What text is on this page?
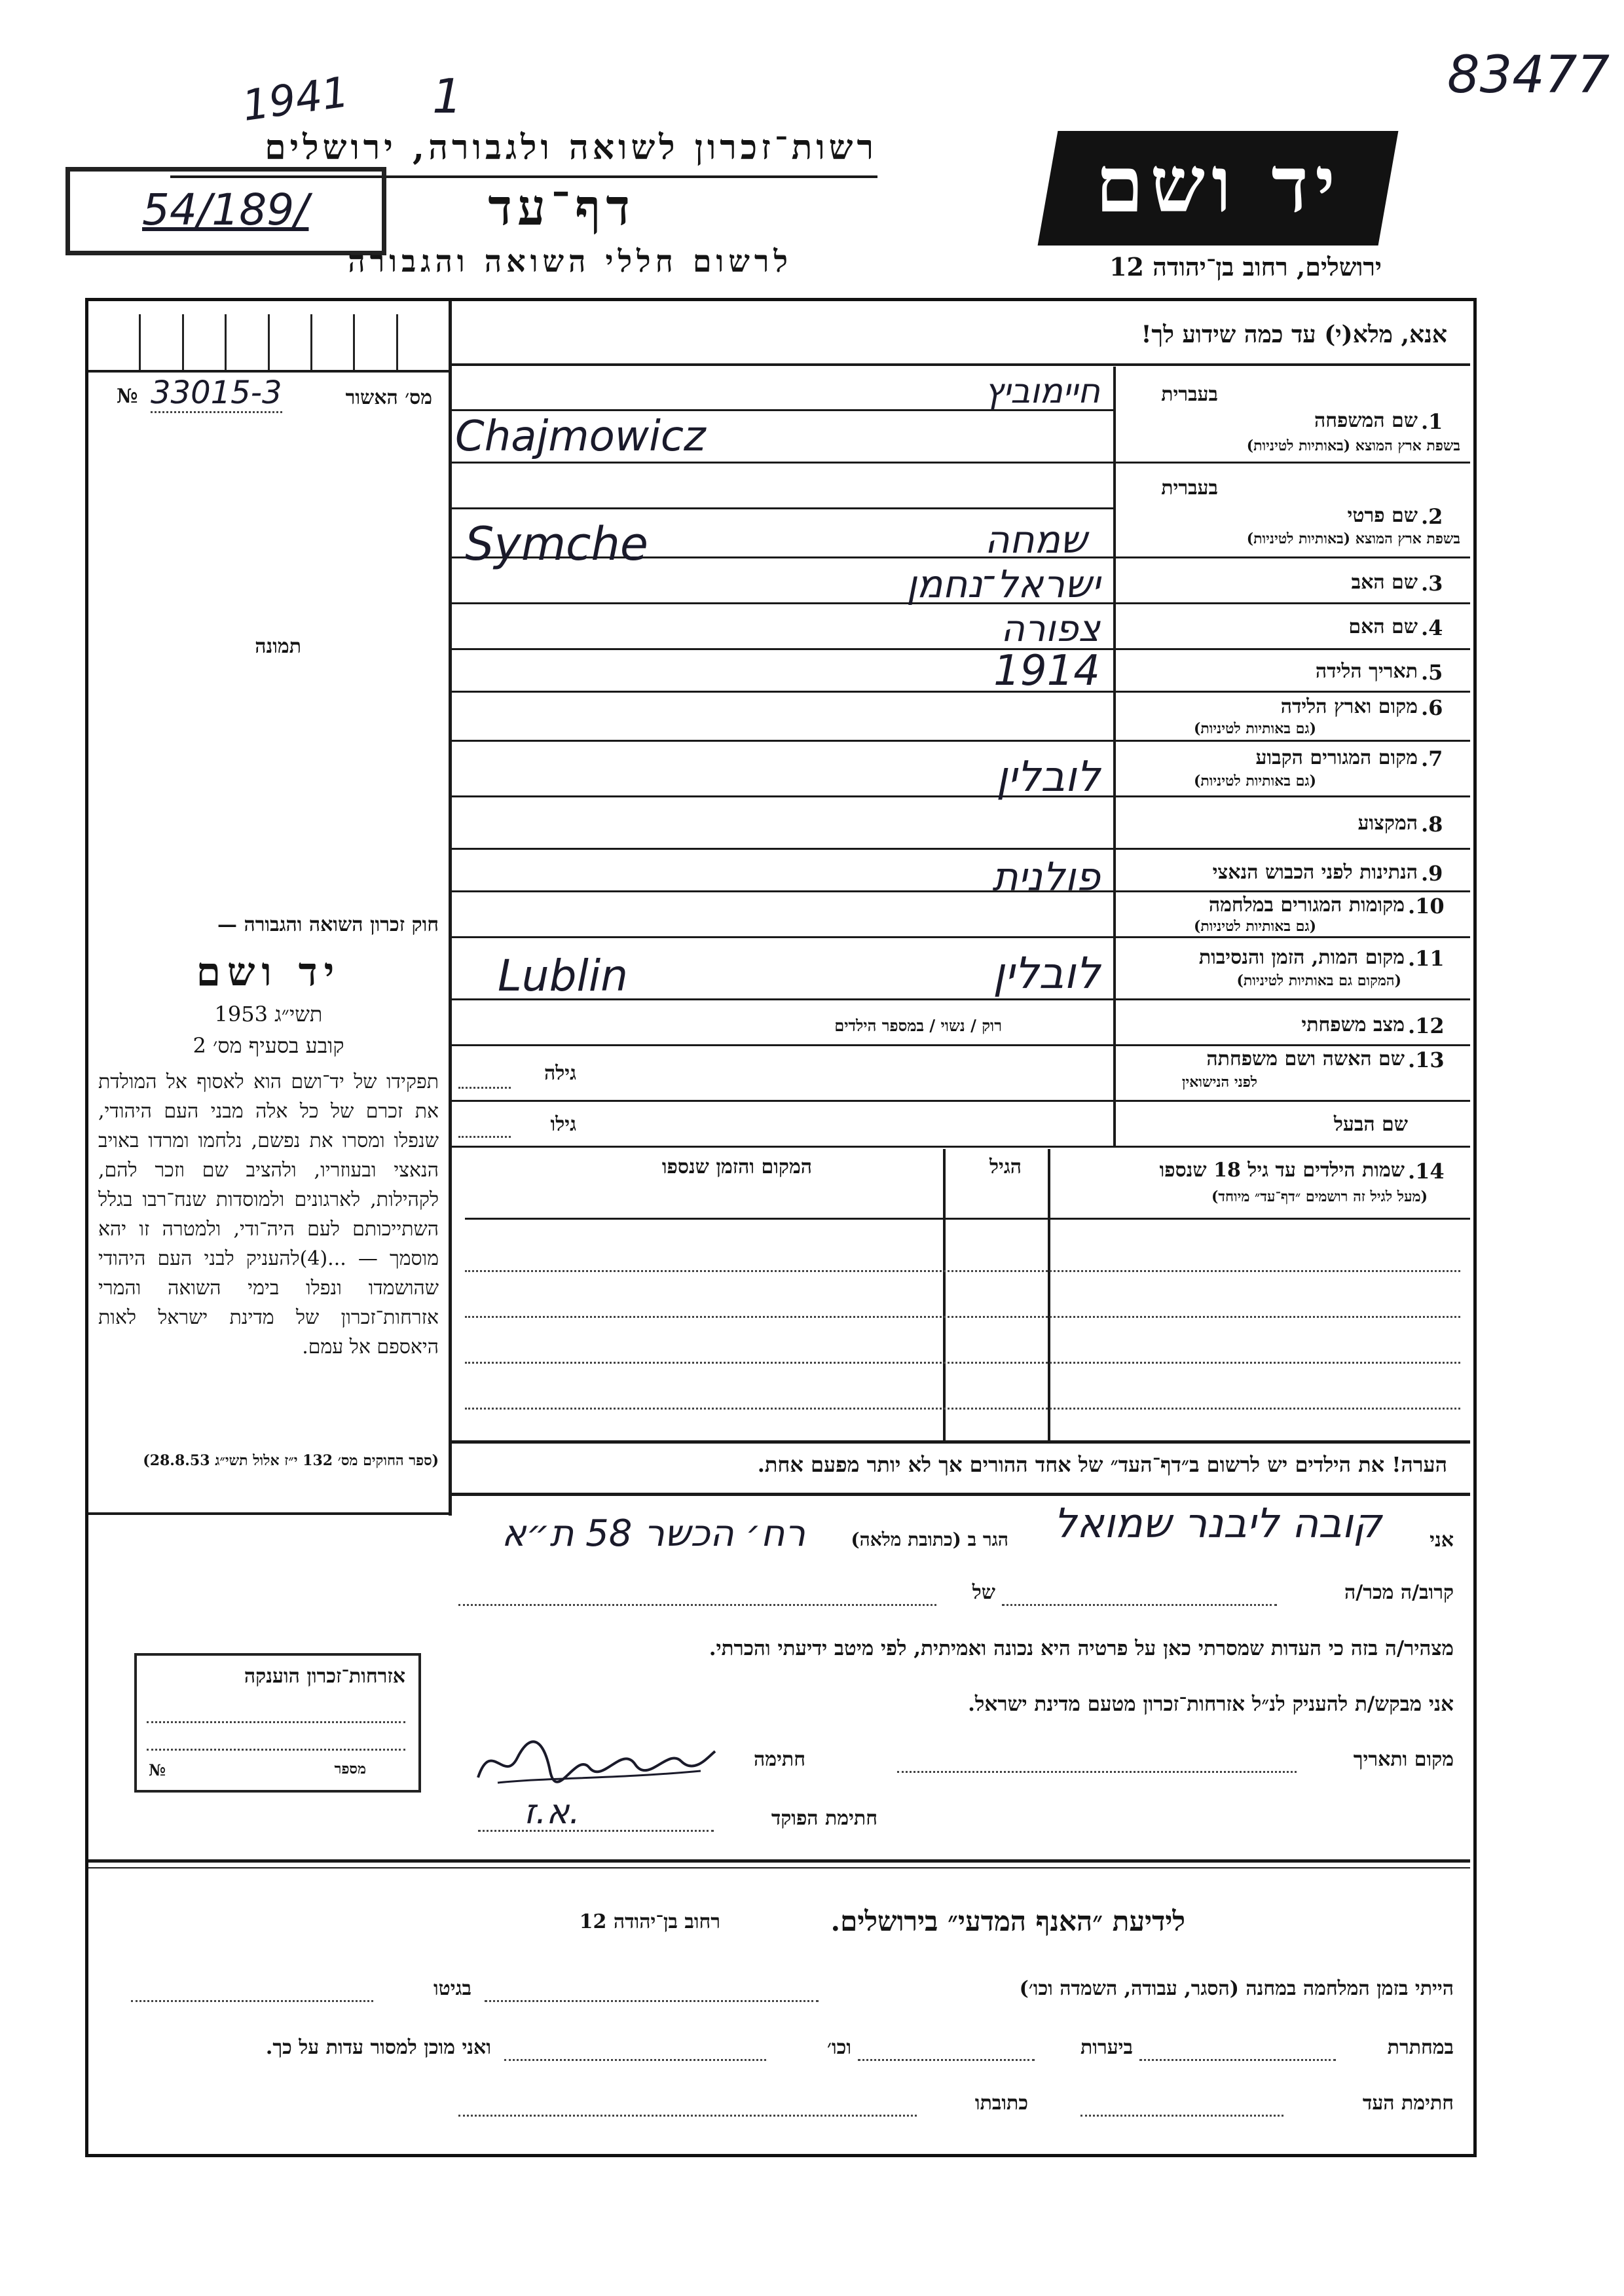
83477
1941 1
רשות־זכרון לשואה ולגבורה, ירושלים
54/189/	דף־עד
לרשום חללי השואה והגבורה
יד ושם
ירושלים, רחוב בן־יהודה 12
אנא, מלא(י) עד כמה שידוע לך!
מס׳ האשור
№ 33015-3
תמונה
חוק זכרון השואה והגבורה —
יד ושם
תשי״ג 1953
קובע בסעיף מס׳ 2
תפקידו של יד־ושם הוא לאסוף אל המולדת את זכרם של כל אלה מבני העם היהודי, שנפלו ומסרו את נפשם, נלחמו ומרדו באויב הנאצי ובעוזריו, ולהציב שם וזכר להם, לקהילות, לארגונים ולמוסדות שנח־רבו בגלל השתייכותם לעם היה־ודי, ולמטרה זו יהא מוסמך — ...(4)להעניק לבני העם היהודי שהושמדו ונפלו בימי השואה והמרי אזרחות־זכרון של מדינת ישראל לאות היאספם אל עמם.
(ספר החוקים מס׳ 132 י״ז אלול תשי״ג 28.8.53)
אזרחות־זכרון הוענקה
מספר
№
בעברית
.1
שם המשפחה
בשפת ארץ המוצא (באותיות לטיניות)
חיימוביץ
Chajmowicz
בעברית
.2
שם פרטי
בשפת ארץ המוצא (באותיות לטיניות)
שמחה
Symche
.3
שם האב
ישראל־נחמן
.4
שם האם
צפורה
.5
תאריך הלידה
1914
.6
מקום וארץ הלידה
(גם באותיות לטיניות)
.7
מקום המגורים הקבוע
(גם באותיות לטיניות)
לובלין
.8
המקצוע
.9
הנתינות לפני הכבוש הנאצי
פולנית
.10
מקומות המגורים במלחמה
(גם באותיות לטיניות)
.11
מקום המות, הזמן והנסיבות
(המקום גם באותיות לטיניות)
לובלין
Lublin
.12
מצב משפחתי
רוק / נשוי / במספר הילדים
.13
שם האשה ושם משפחתה
לפני הנישואין
גילה
שם הבעל
גילו
.14
שמות הילדים עד גיל 18 שנספו
(מעל לגיל זה רושמים ״דף־עד״ מיוחד)
הגיל
המקום והזמן שנספו
הערה! את הילדים יש לרשום ב״דף־העד״ של אחד ההורים אך לא יותר מפעם אחת.
אני
קובה ליבנר שמואל
הגר ב (כתובת מלאה)
רח׳ הכשר 58 ת״א
קרוב/ה מכר/ה
של
מצהיר/ה בזה כי העדות שמסרתי כאן על פרטיה היא נכונה ואמיתית, לפי מיטב ידיעתי והכרתי.
אני מבקש/ת להעניק לנ״ל אזרחות־זכרון מטעם מדינת ישראל.
מקום ותאריך
חתימה
חתימת הפוקד
א.ז.
לידיעת ״האנף המדעי״ בירושלים.
רחוב בן־יהודה 12
הייתי בזמן המלחמה במחנה (הסגר, עבודה, השמדה וכו׳)
בגיטו
במחתרת
ביערות
וכו׳
ואני מוכן למסור עדות על כך.
חתימת העד
כתובתו
